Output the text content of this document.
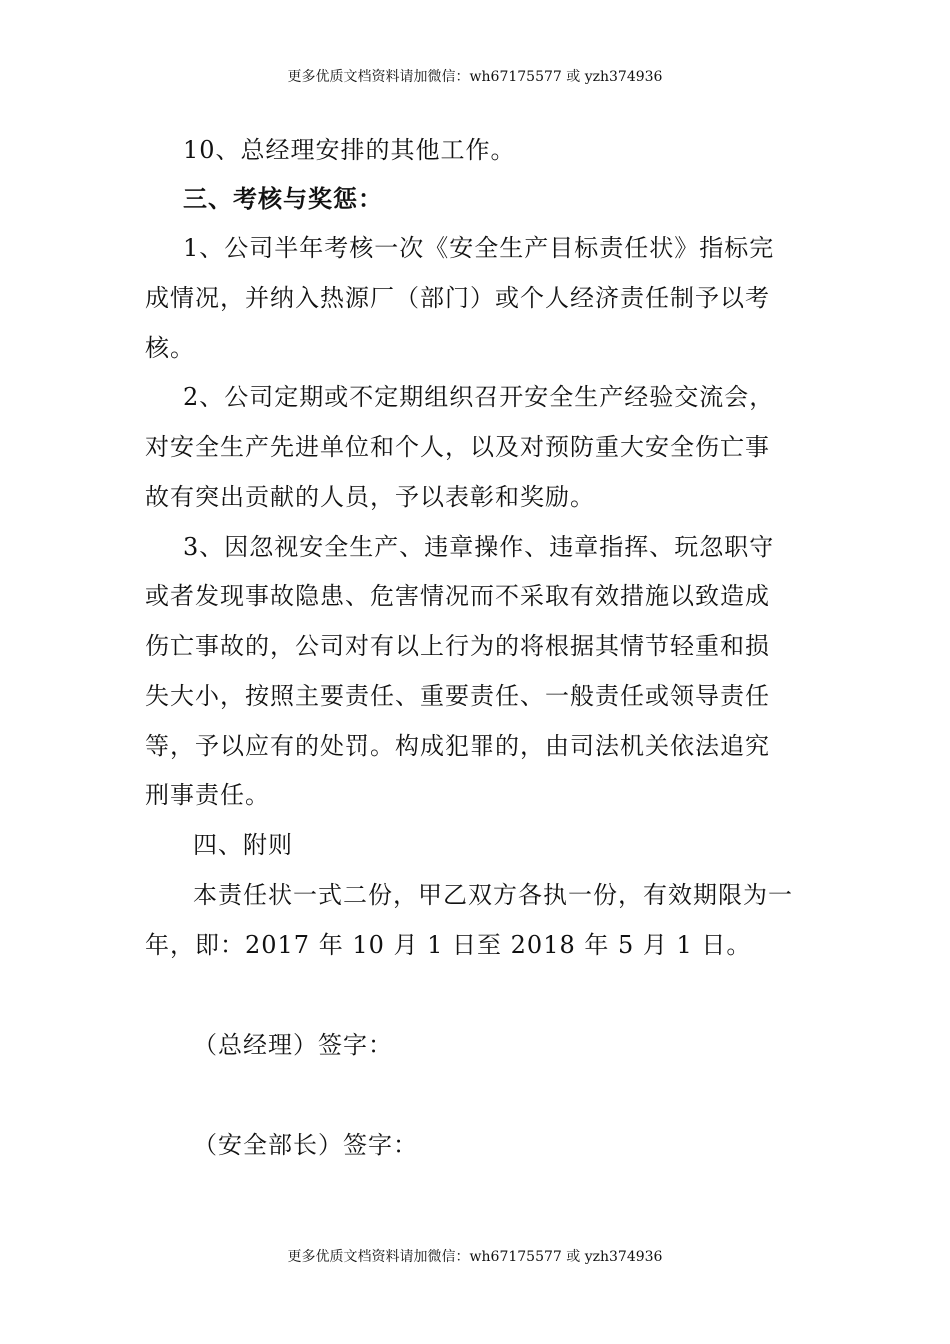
更多优质文档资料请加微信：wh67175577 或 yzh374936
10、总经理安排的其他工作。
三、考核与奖惩：
1、公司半年考核一次《安全生产目标责任状》指标完
成情况，并纳入热源厂（部门）或个人经济责任制予以考
核。
2、公司定期或不定期组织召开安全生产经验交流会，
对安全生产先进单位和个人，以及对预防重大安全伤亡事
故有突出贡献的人员，予以表彰和奖励。
3、因忽视安全生产、违章操作、违章指挥、玩忽职守
或者发现事故隐患、危害情况而不采取有效措施以致造成
伤亡事故的，公司对有以上行为的将根据其情节轻重和损
失大小，按照主要责任、重要责任、一般责任或领导责任
等，予以应有的处罚。构成犯罪的，由司法机关依法追究
刑事责任。
四、附则
本责任状一式二份，甲乙双方各执一份，有效期限为一
年，即：2017 年 10 月 1 日至 2018 年 5 月 1 日。
（总经理）签字：
（安全部长）签字：
更多优质文档资料请加微信：wh67175577 或 yzh374936
